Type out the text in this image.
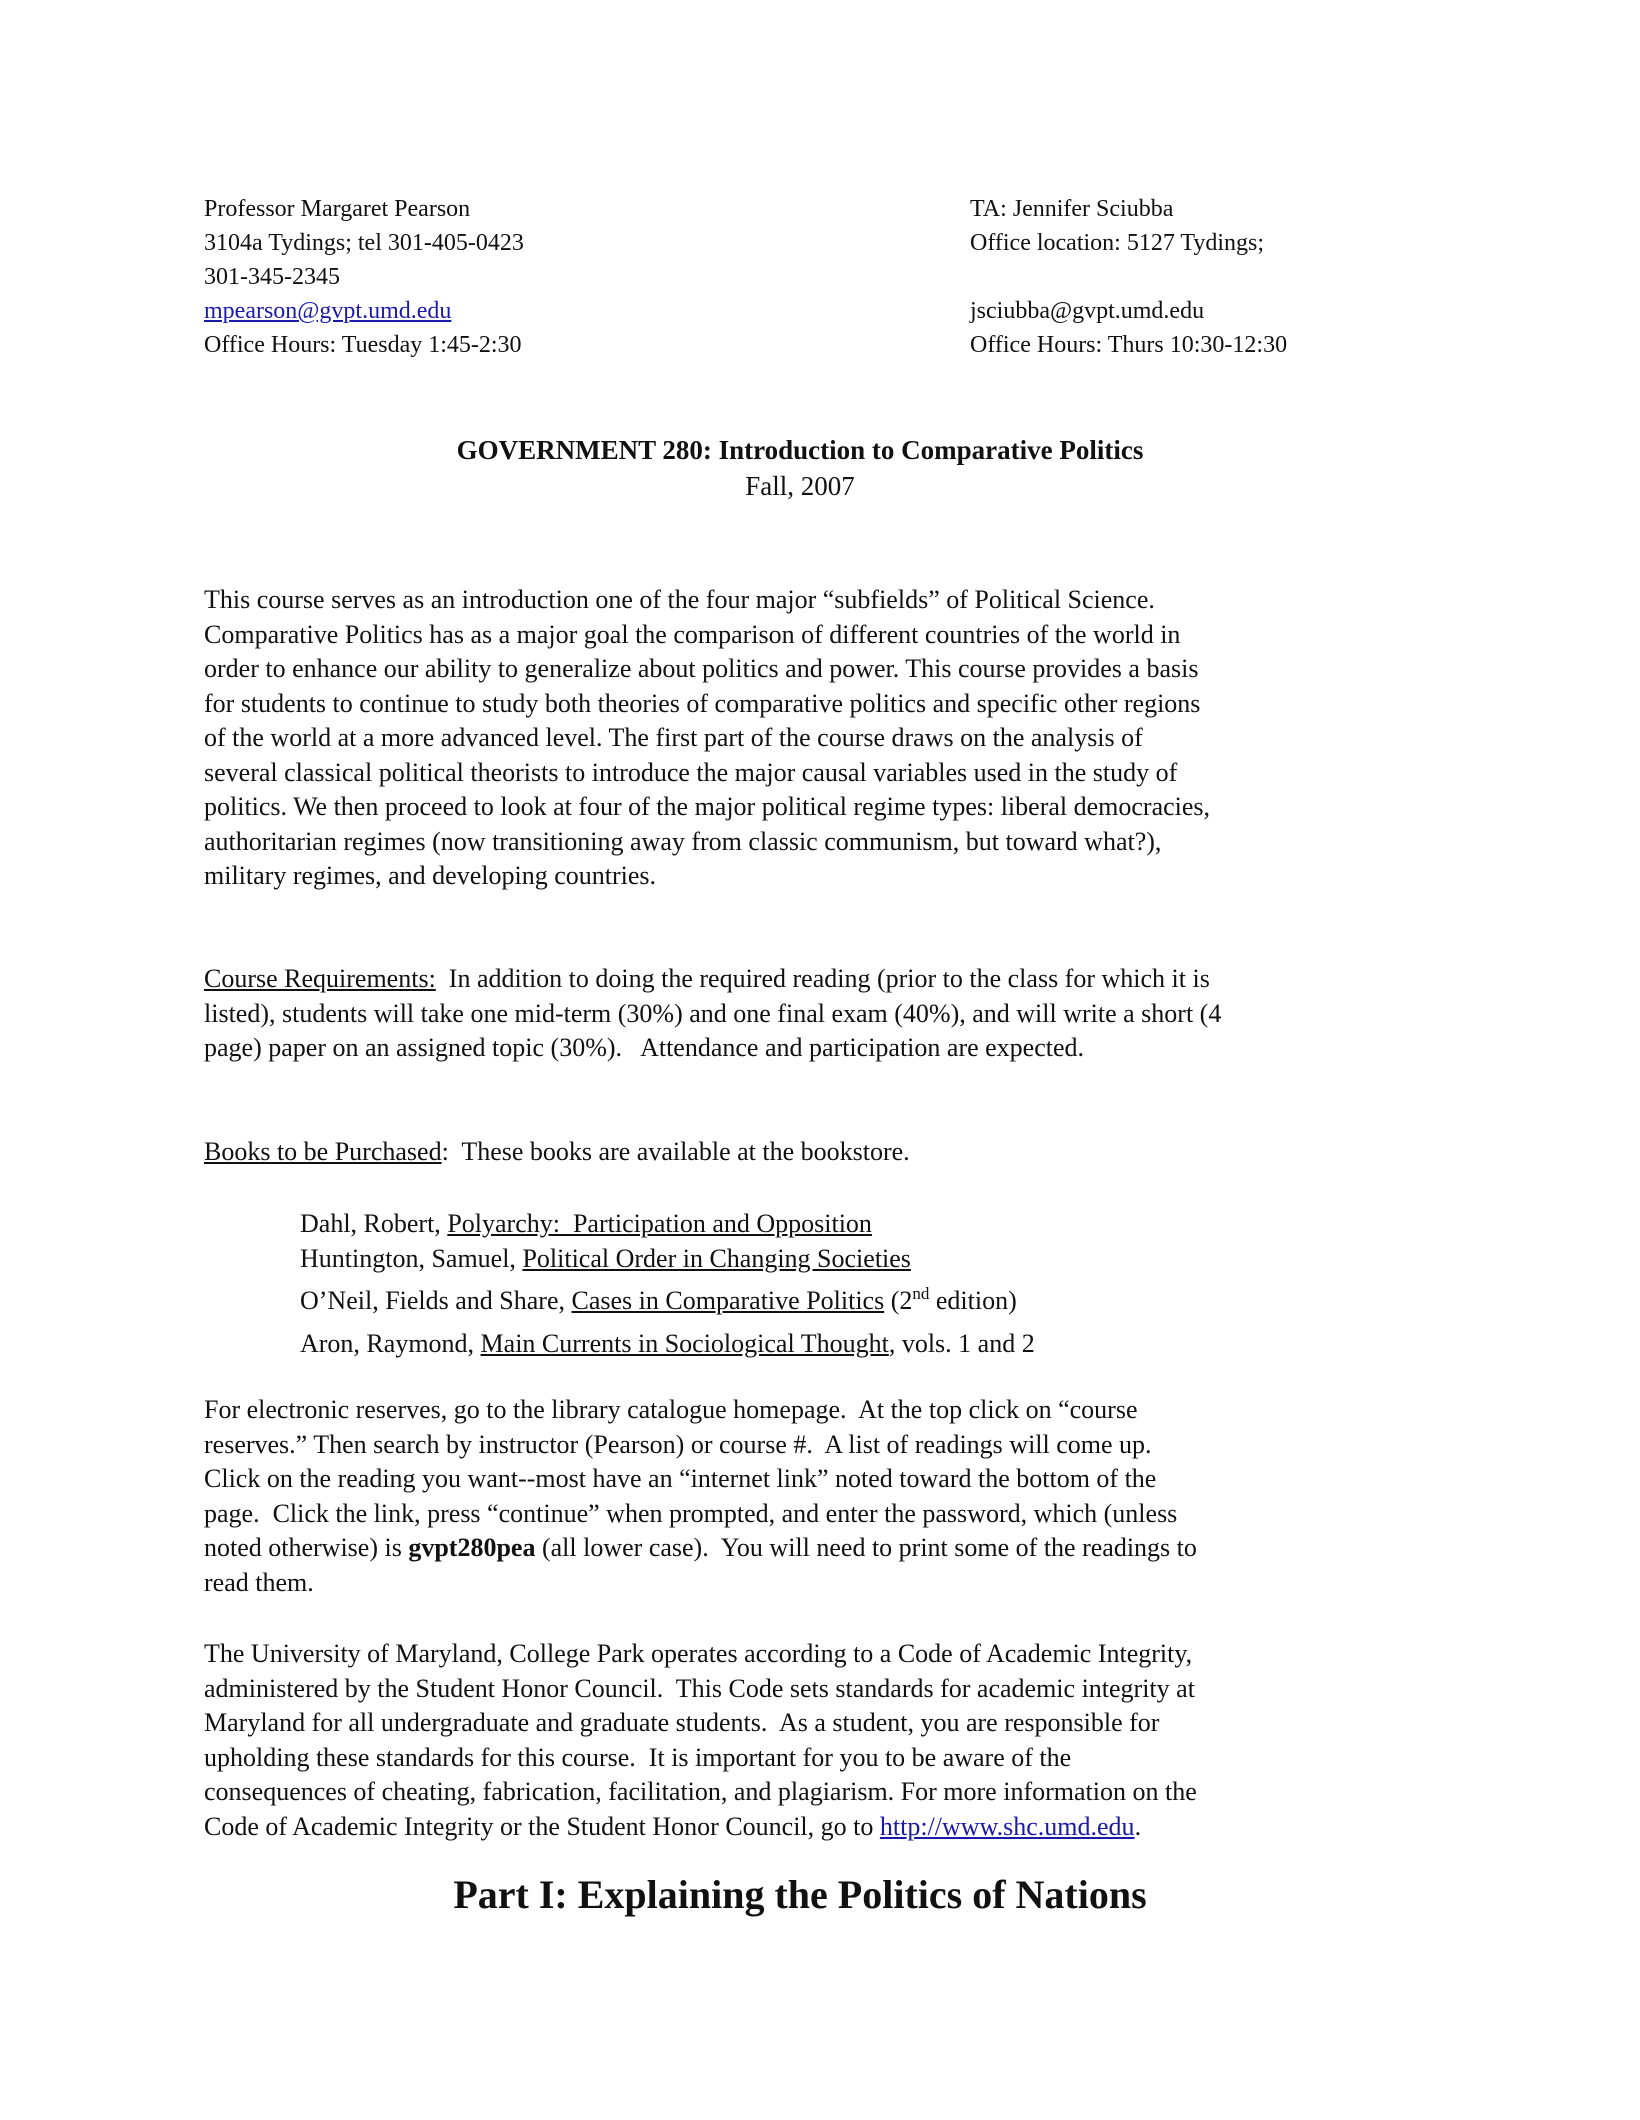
Professor Margaret Pearson
3104a Tydings; tel 301-405-0423
301-345-2345
mpearson@gvpt.umd.edu
Office Hours: Tuesday 1:45-2:30
TA: Jennifer Sciubba
Office location: 5127 Tydings;
jsciubba@gvpt.umd.edu
Office Hours: Thurs 10:30-12:30
GOVERNMENT 280: Introduction to Comparative Politics
Fall, 2007
This course serves as an introduction one of the four major “subfields” of Political Science.
Comparative Politics has as a major goal the comparison of different countries of the world in
order to enhance our ability to generalize about politics and power. This course provides a basis
for students to continue to study both theories of comparative politics and specific other regions
of the world at a more advanced level. The first part of the course draws on the analysis of
several classical political theorists to introduce the major causal variables used in the study of
politics. We then proceed to look at four of the major political regime types: liberal democracies,
authoritarian regimes (now transitioning away from classic communism, but toward what?),
military regimes, and developing countries.
Course Requirements:  In addition to doing the required reading (prior to the class for which it is
listed), students will take one mid-term (30%) and one final exam (40%), and will write a short (4
page) paper on an assigned topic (30%).   Attendance and participation are expected.
Books to be Purchased:  These books are available at the bookstore.
Dahl, Robert, Polyarchy:  Participation and Opposition
Huntington, Samuel, Political Order in Changing Societies
O’Neil, Fields and Share, Cases in Comparative Politics (2nd edition)
Aron, Raymond, Main Currents in Sociological Thought, vols. 1 and 2
For electronic reserves, go to the library catalogue homepage.  At the top click on “course
reserves.” Then search by instructor (Pearson) or course #.  A list of readings will come up.
Click on the reading you want--most have an “internet link” noted toward the bottom of the
page.  Click the link, press “continue” when prompted, and enter the password, which (unless
noted otherwise) is gvpt280pea (all lower case).  You will need to print some of the readings to
read them.
The University of Maryland, College Park operates according to a Code of Academic Integrity,
administered by the Student Honor Council.  This Code sets standards for academic integrity at
Maryland for all undergraduate and graduate students.  As a student, you are responsible for
upholding these standards for this course.  It is important for you to be aware of the
consequences of cheating, fabrication, facilitation, and plagiarism. For more information on the
Code of Academic Integrity or the Student Honor Council, go to http://www.shc.umd.edu.
Part I: Explaining the Politics of Nations
